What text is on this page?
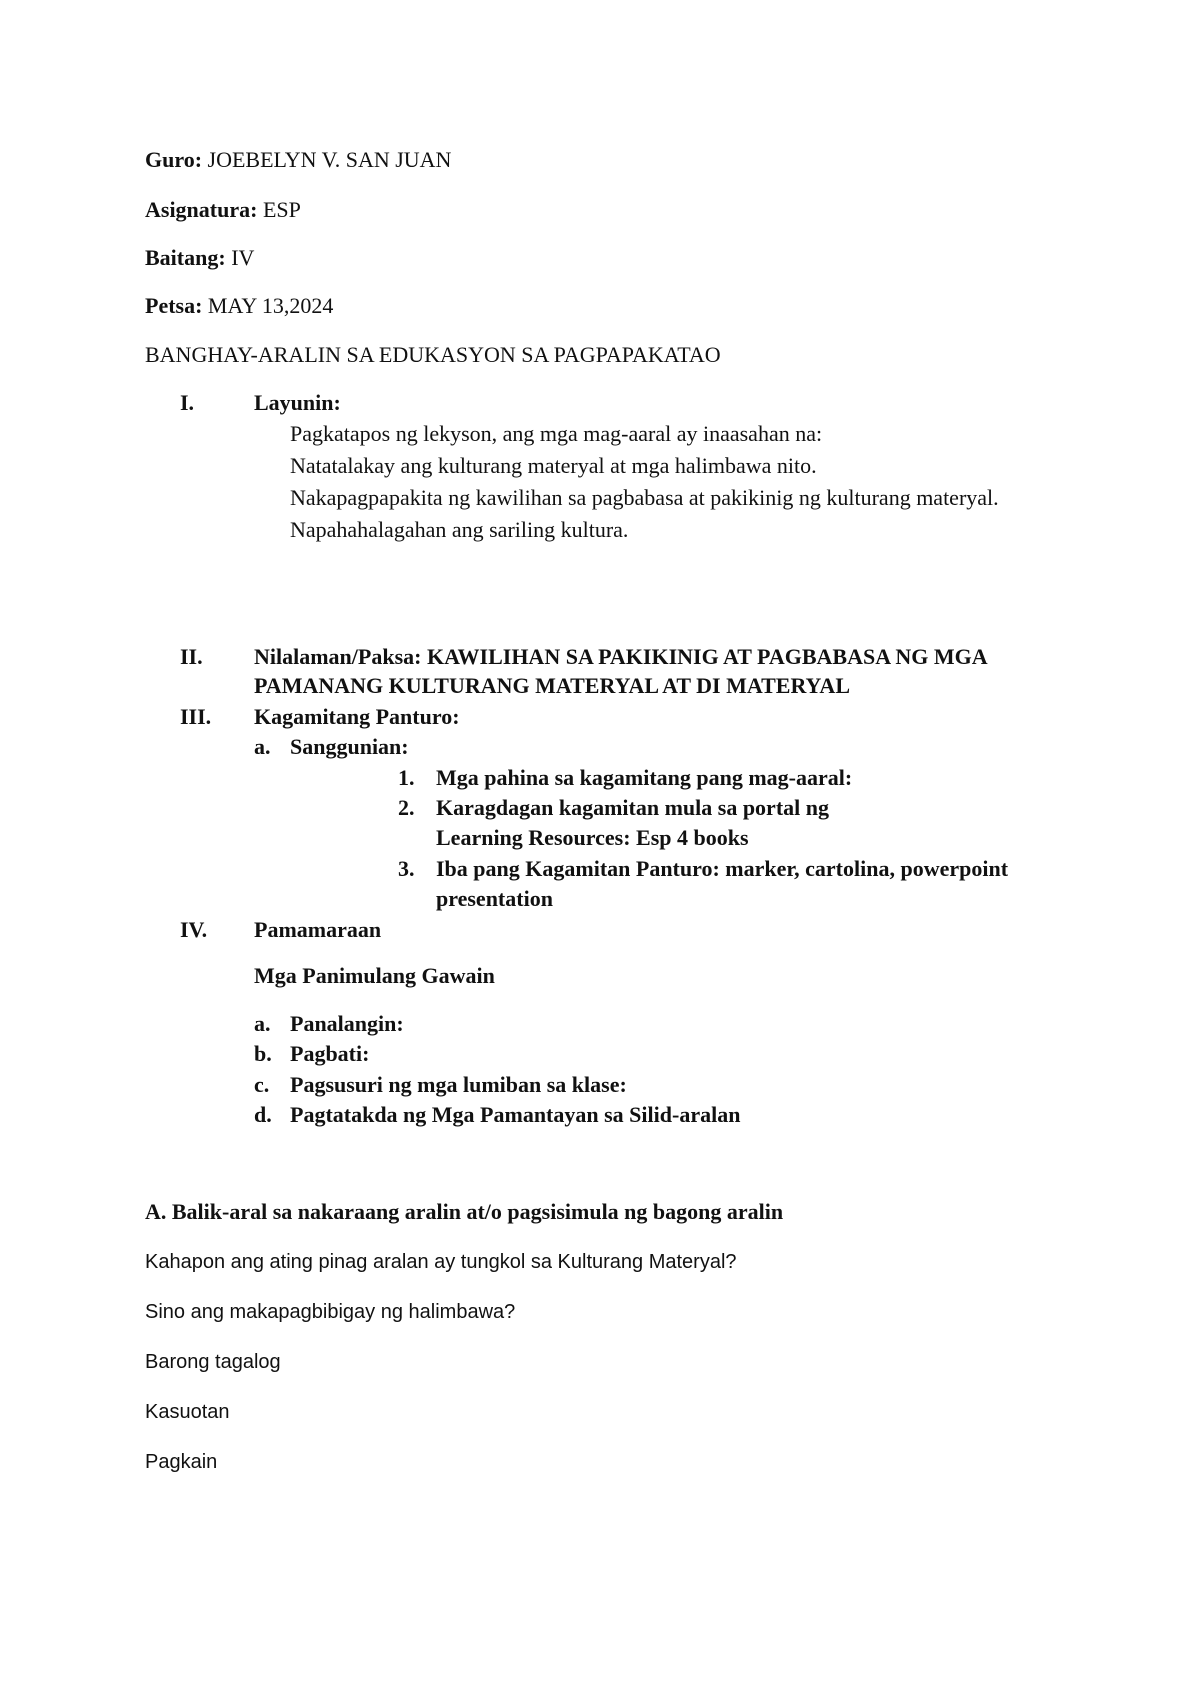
Guro: JOEBELYN V. SAN JUAN
Asignatura: ESP
Baitang: IV
Petsa: MAY 13,2024
BANGHAY-ARALIN SA EDUKASYON SA PAGPAPAKATAO
I.	Layunin:
Pagkatapos ng lekyson, ang mga mag-aaral ay inaasahan na:
Natatalakay ang kulturang materyal at mga halimbawa nito.
Nakapagpapakita ng kawilihan sa pagbabasa at pakikinig ng kulturang materyal.
Napahahalagahan ang sariling kultura.
II. Nilalaman/Paksa: KAWILIHAN SA PAKIKINIG AT PAGBABASA NG MGA
PAMANANG KULTURANG MATERYAL AT DI MATERYAL
III. Kagamitang Panturo:
a. Sanggunian:
1. Mga pahina sa kagamitang pang mag-aaral:
2. Karagdagan kagamitan mula sa portal ng
Learning Resources: Esp 4 books
3. Iba pang Kagamitan Panturo: marker, cartolina, powerpoint
presentation
IV. Pamamaraan
Mga Panimulang Gawain
a. Panalangin:
b. Pagbati:
c. Pagsusuri ng mga lumiban sa klase:
d. Pagtatakda ng Mga Pamantayan sa Silid-aralan
A. Balik-aral sa nakaraang aralin at/o pagsisimula ng bagong aralin
Kahapon ang ating pinag aralan ay tungkol sa Kulturang Materyal?
Sino ang makapagbibigay ng halimbawa?
Barong tagalog
Kasuotan
Pagkain
